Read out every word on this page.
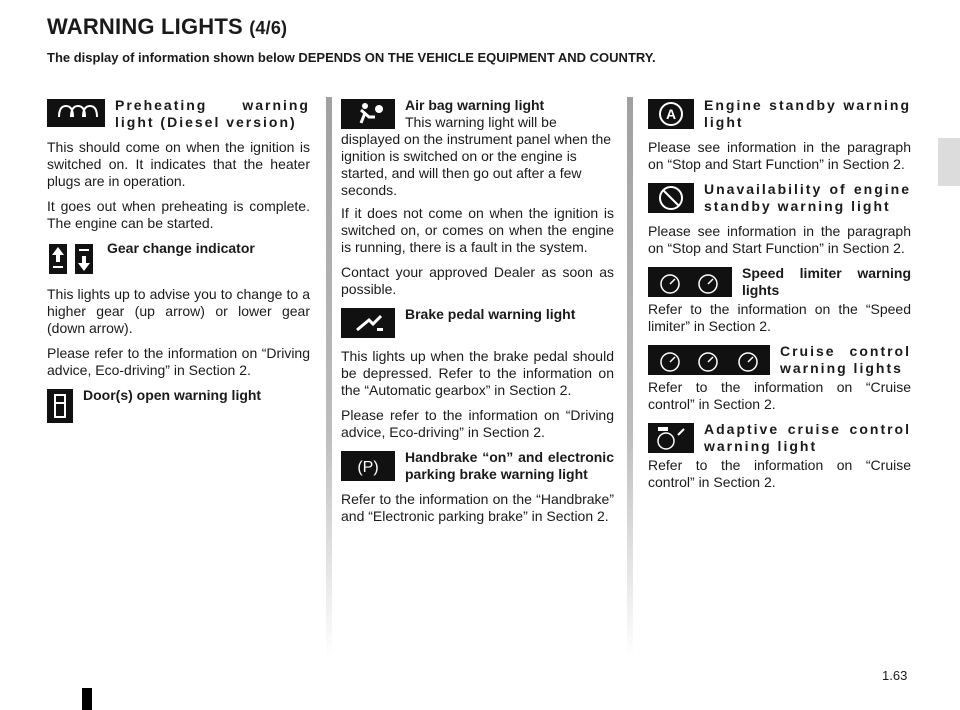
WARNING LIGHTS (4/6)
The display of information shown below DEPENDS ON THE VEHICLE EQUIPMENT AND COUNTRY.
Preheating warning light (Diesel version)

This should come on when the ignition is switched on. It indicates that the heater plugs are in operation.

It goes out when preheating is complete. The engine can be started.

Gear change indicator

This lights up to advise you to change to a higher gear (up arrow) or lower gear (down arrow).

Please refer to the information on “Driving advice, Eco-driving” in Section 2.

Door(s) open warning light
Air bag warning light
This warning light will be displayed on the instrument panel when the ignition is switched on or the engine is started, and will then go out after a few seconds.

If it does not come on when the ignition is switched on, or comes on when the engine is running, there is a fault in the system.

Contact your approved Dealer as soon as possible.

Brake pedal warning light

This lights up when the brake pedal should be depressed. Refer to the information on the “Automatic gearbox” in Section 2.

Please refer to the information on “Driving advice, Eco-driving” in Section 2.

(P)
Handbrake “on” and electronic parking brake warning light

Refer to the information on the “Handbrake” and “Electronic parking brake” in Section 2.

A
Engine standby warning light

Please see information in the paragraph on “Stop and Start Function” in Section 2.

Unavailability of engine standby warning light

Please see information in the paragraph on “Stop and Start Function” in Section 2.

Speed limiter warning lights

Refer to the information on the “Speed limiter” in Section 2.

Cruise control warning lights

Refer to the information on “Cruise control” in Section 2.

Adaptive cruise control warning light

Refer to the information on “Cruise control” in Section 2.

1.63
